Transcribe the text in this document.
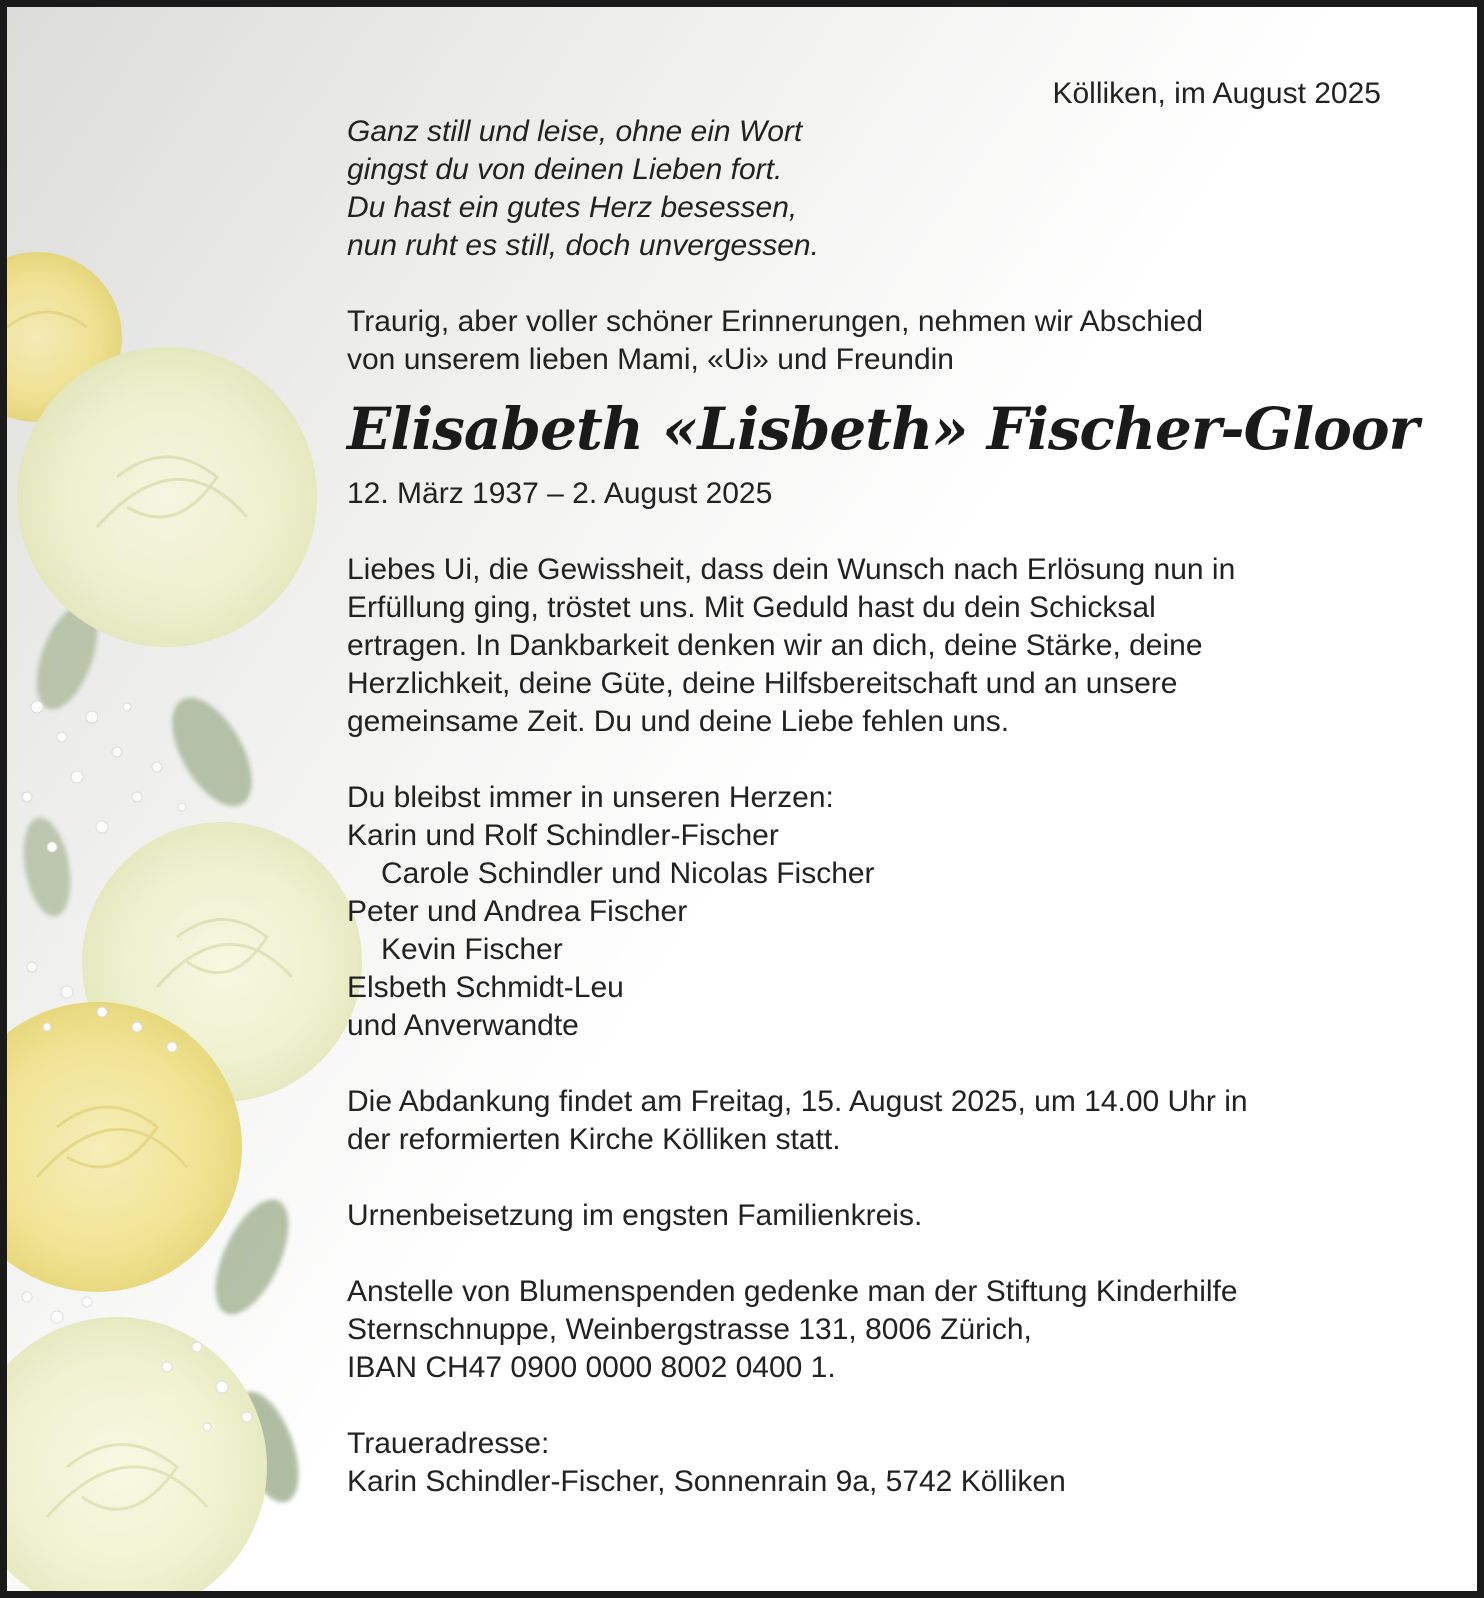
Kölliken, im August 2025

Ganz still und leise, ohne ein Wort
gingst du von deinen Lieben fort.
Du hast ein gutes Herz besessen,
nun ruht es still, doch unvergessen.
Traurig, aber voller schöner Erinnerungen, nehmen wir Abschied
von unserem lieben Mami, «Ui» und Freundin
Elisabeth «Lisbeth» Fischer-Gloor

12. März 1937 – 2. August 2025

Liebes Ui, die Gewissheit, dass dein Wunsch nach Erlösung nun in
Erfüllung ging, tröstet uns. Mit Geduld hast du dein Schicksal
ertragen. In Dankbarkeit denken wir an dich, deine Stärke, deine
Herzlichkeit, deine Güte, deine Hilfsbereitschaft und an unsere
gemeinsame Zeit. Du und deine Liebe fehlen uns.
Du bleibst immer in unseren Herzen:
Karin und Rolf Schindler-Fischer
Carole Schindler und Nicolas Fischer
Peter und Andrea Fischer
Kevin Fischer
Elsbeth Schmidt-Leu
und Anverwandte
Die Abdankung findet am Freitag, 15. August 2025, um 14.00 Uhr in
der reformierten Kirche Kölliken statt.

Urnenbeisetzung im engsten Familienkreis.

Anstelle von Blumenspenden gedenke man der Stiftung Kinderhilfe
Sternschnuppe, Weinbergstrasse 131, 8006 Zürich,
IBAN CH47 0900 0000 8002 0400 1.
Traueradresse:
Karin Schindler-Fischer, Sonnenrain 9a, 5742 Kölliken
